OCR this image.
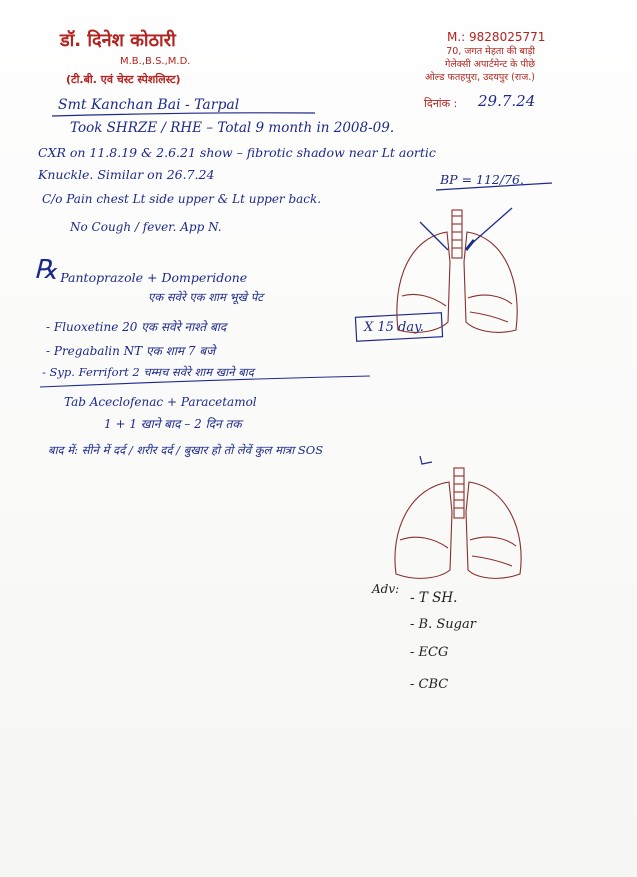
डॉ. दिनेश कोठारी
M.B.,B.S.,M.D.
(टी.बी. एवं चेस्ट स्पेशलिस्ट)
M.: 9828025771
70, जगत मेहता की बाड़ी
गेलेक्सी अपार्टमेन्ट के पीछे
ओल्ड फतहपुरा, उदयपुर (राज.)
दिनांक : 29.7.24
Smt Kanchan Bai - Tarpal
Took SHRZE / RHE – Total 9 month in 2008-09.
CXR on 11.8.19 & 2.6.21 show – fibrotic shadow near Lt aortic
Knuckle. Similar on 26.7.24	BP = 112/76.
C/o Pain chest Lt side upper & Lt upper back.
No Cough / fever. App N.
℞
- Pantoprazole + Domperidone
एक सवेरे एक शाम भूखे पेट
- Fluoxetine 20 एक सवेरे नाश्ते बाद
- Pregabalin NT एक शाम 7 बजे
- Syp. Ferrifort 2 चम्मच सवेरे शाम खाने बाद
Tab Aceclofenac + Paracetamol
1 + 1 खाने बाद – 2 दिन तक
X 15 day.
बाद में: सीने में दर्द / शरीर दर्द / बुखार हो तो लेवें कुल मात्रा SOS
Adv:
- T SH.
- B. Sugar
- ECG
- CBC
